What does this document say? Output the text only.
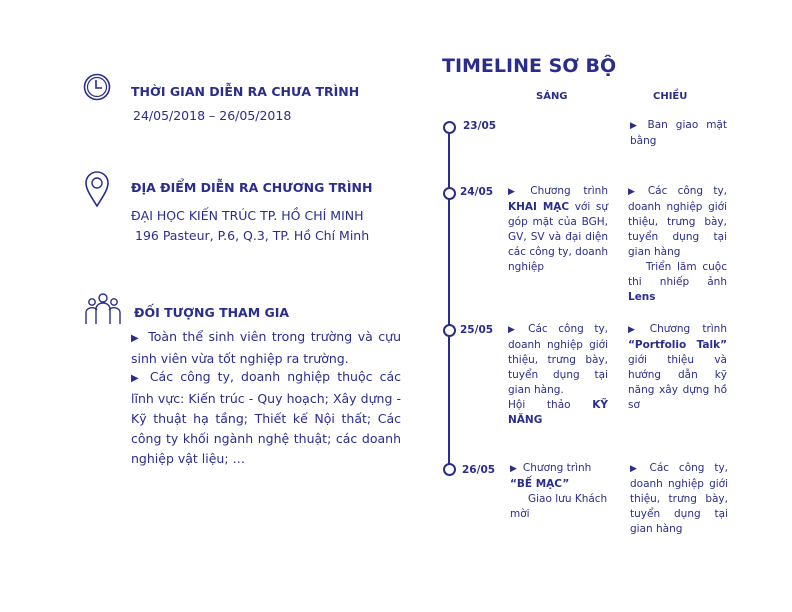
THỜI GIAN DIỄN RA CHƯA TRÌNH
24/05/2018 – 26/05/2018
ĐỊA ĐIỂM DIỄN RA CHƯƠNG TRÌNH
ĐẠI HỌC KIẾN TRÚC TP. HỒ CHÍ MINH
196 Pasteur, P.6, Q.3, TP. Hồ Chí Minh
ĐỐI TƯỢNG THAM GIA
▶ Toàn thể sinh viên trong trường và cựu sinh viên vừa tốt nghiệp ra trường.
▶ Các công ty, doanh nghiệp thuộc các lĩnh vực: Kiến trúc - Quy hoạch; Xây dựng - Kỹ thuật hạ tầng; Thiết kế Nội thất; Các công ty khối ngành nghệ thuật; các doanh nghiệp vật liệu; …
TIMELINE SƠ BỘ
SÁNG	CHIỀU
23/05	▶ Ban giao mặt bằng
24/05 ▶ Chương trình KHAI MẠC với sự góp mặt của BGH, GV, SV và đại diện các công ty, doanh nghiệp
▶ Các công ty, doanh nghiệp giới thiệu, trưng bày, tuyển dụng tại gian hàng
Triển lãm cuộc thi nhiếp ảnh Lens
25/05 ▶ Các công ty, doanh nghiệp giới thiệu, trưng bày, tuyển dụng tại gian hàng.
Hội thảo KỸ NĂNG
▶ Chương trình “Portfolio Talk” giới thiệu và hướng dẫn kỹ năng xây dựng hồ sơ
26/05 ▶ Chương trình
“BẾ MẠC”
Giao lưu Khách mời
▶ Các công ty, doanh nghiệp giới thiệu, trưng bày, tuyển dụng tại gian hàng
